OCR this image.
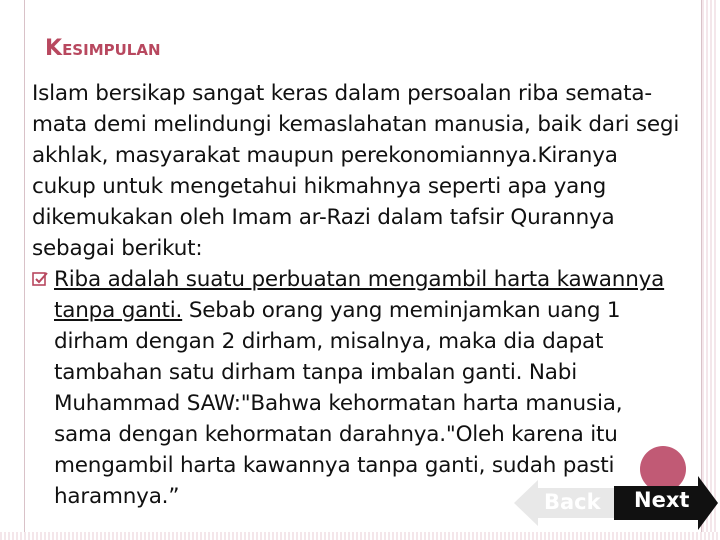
KESIMPULAN

Islam bersikap sangat keras dalam persoalan riba semata-mata demi melindungi kemaslahatan manusia, baik dari segi akhlak, masyarakat maupun perekonomiannya.Kiranya cukup untuk mengetahui hikmahnya seperti apa yang dikemukakan oleh Imam ar-Razi dalam tafsir Qurannya sebagai berikut:

Riba adalah suatu perbuatan mengambil harta kawannya tanpa ganti. Sebab orang yang meminjamkan uang 1 dirham dengan 2 dirham, misalnya, maka dia dapat tambahan satu dirham tanpa imbalan ganti. Nabi Muhammad SAW:"Bahwa kehormatan harta manusia, sama dengan kehormatan darahnya."Oleh karena itu mengambil harta kawannya tanpa ganti, sudah pasti haramnya.”	Back Next
